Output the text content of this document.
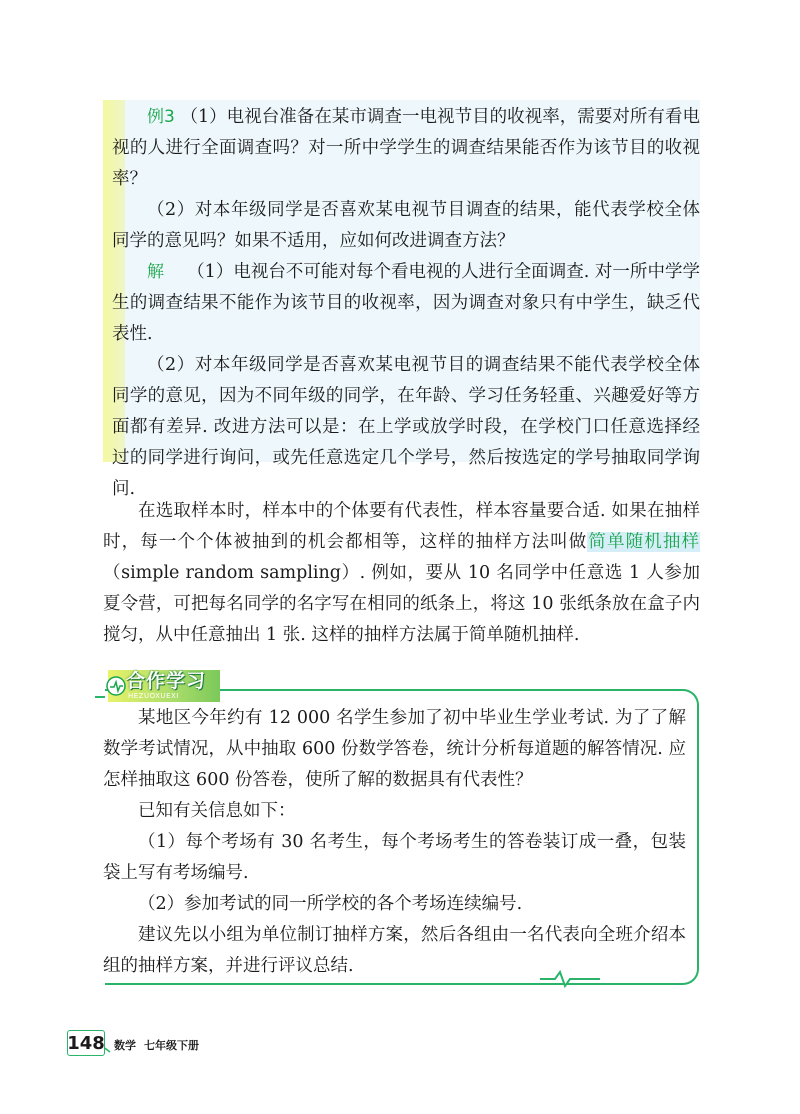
例3 （1）电视台准备在某市调查一电视节目的收视率，需要对所有看电视的人进行全面调查吗？对一所中学学生的调查结果能否作为该节目的收视率？

（2）对本年级同学是否喜欢某电视节目调查的结果，能代表学校全体同学的意见吗？如果不适用，应如何改进调查方法？

解　 （1）电视台不可能对每个看电视的人进行全面调查. 对一所中学学生的调查结果不能作为该节目的收视率，因为调查对象只有中学生，缺乏代表性.

（2）对本年级同学是否喜欢某电视节目的调查结果不能代表学校全体同学的意见，因为不同年级的同学，在年龄、学习任务轻重、兴趣爱好等方面都有差异. 改进方法可以是：在上学或放学时段，在学校门口任意选择经过的同学进行询问，或先任意选定几个学号，然后按选定的学号抽取同学询问.

在选取样本时，样本中的个体要有代表性，样本容量要合适. 如果在抽样时，每一个个体被抽到的机会都相等，这样的抽样方法叫做简单随机抽样（simple random sampling）. 例如，要从 10 名同学中任意选 1 人参加夏令营，可把每名同学的名字写在相同的纸条上，将这 10 张纸条放在盒子内搅匀，从中任意抽出 1 张. 这样的抽样方法属于简单随机抽样.

合作学习
HEZUOXUEXI

某地区今年约有 12 000 名学生参加了初中毕业生学业考试. 为了了解数学考试情况，从中抽取 600 份数学答卷，统计分析每道题的解答情况. 应怎样抽取这 600 份答卷，使所了解的数据具有代表性？

已知有关信息如下：

（1）每个考场有 30 名考生，每个考场考生的答卷装订成一叠，包装袋上写有考场编号.

（2）参加考试的同一所学校的各个考场连续编号.

建议先以小组为单位制订抽样方案，然后各组由一名代表向全班介绍本组的抽样方案，并进行评议总结.

148 数学 七年级下册
